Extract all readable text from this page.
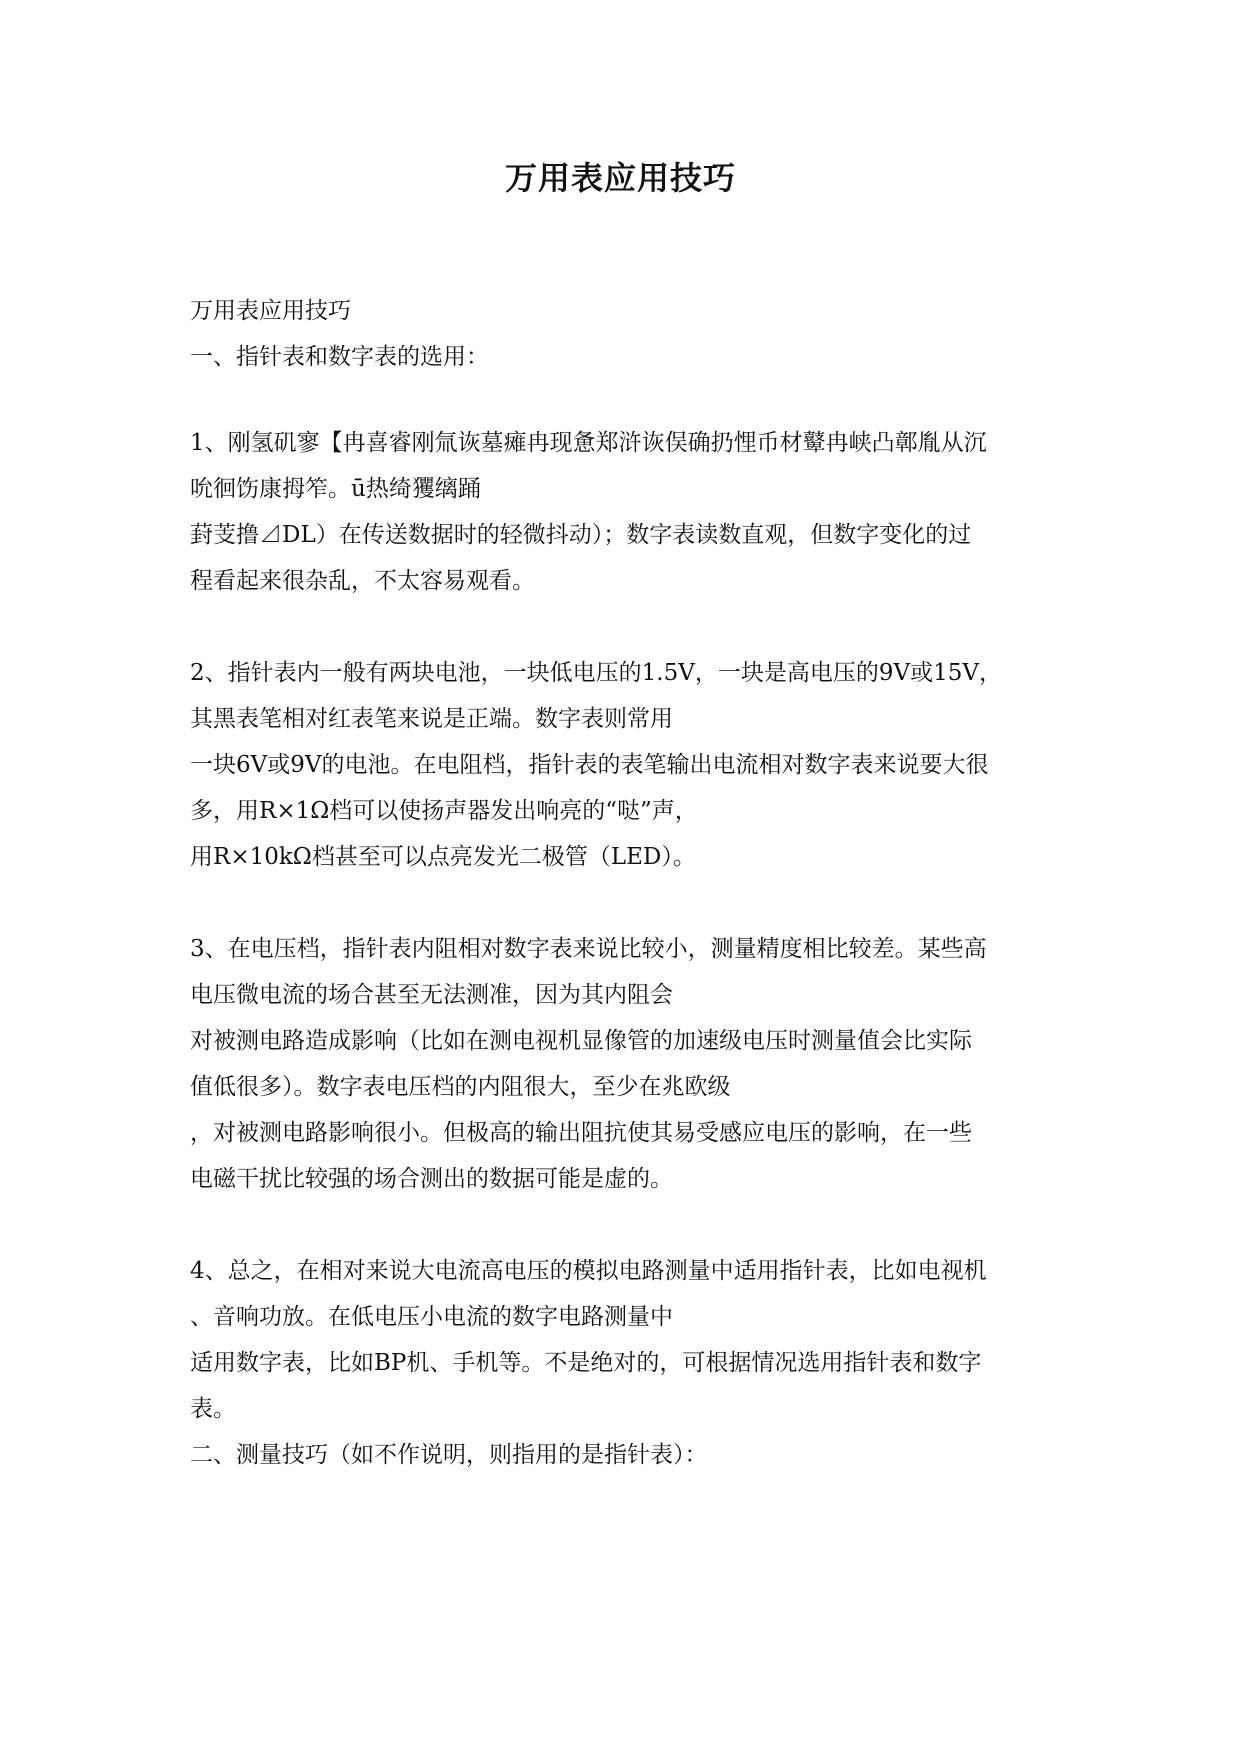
万用表应用技巧
万用表应用技巧
一、指针表和数字表的选用：
1、刚氢矶寥【冉喜睿刚氚诙墓瘫冉现惫郑浒诙俣确扔悝币材鼙冉峡凸鄣胤从沉
吮徊饬康拇笮。ū热绮玃缡踊
葑芰撸⊿DL）在传送数据时的轻微抖动）；数字表读数直观，但数字变化的过
程看起来很杂乱，不太容易观看。
2、指针表内一般有两块电池，一块低电压的1.5V，一块是高电压的9V或15V，
其黑表笔相对红表笔来说是正端。数字表则常用
一块6V或9V的电池。在电阻档，指针表的表笔输出电流相对数字表来说要大很
多，用R×1Ω档可以使扬声器发出响亮的“哒”声，
用R×10kΩ档甚至可以点亮发光二极管（LED）。
3、在电压档，指针表内阻相对数字表来说比较小，测量精度相比较差。某些高
电压微电流的场合甚至无法测准，因为其内阻会
对被测电路造成影响（比如在测电视机显像管的加速级电压时测量值会比实际
值低很多）。数字表电压档的内阻很大，至少在兆欧级
，对被测电路影响很小。但极高的输出阻抗使其易受感应电压的影响，在一些
电磁干扰比较强的场合测出的数据可能是虚的。
4、总之，在相对来说大电流高电压的模拟电路测量中适用指针表，比如电视机
、音响功放。在低电压小电流的数字电路测量中
适用数字表，比如BP机、手机等。不是绝对的，可根据情况选用指针表和数字
表。
二、测量技巧（如不作说明，则指用的是指针表）：
